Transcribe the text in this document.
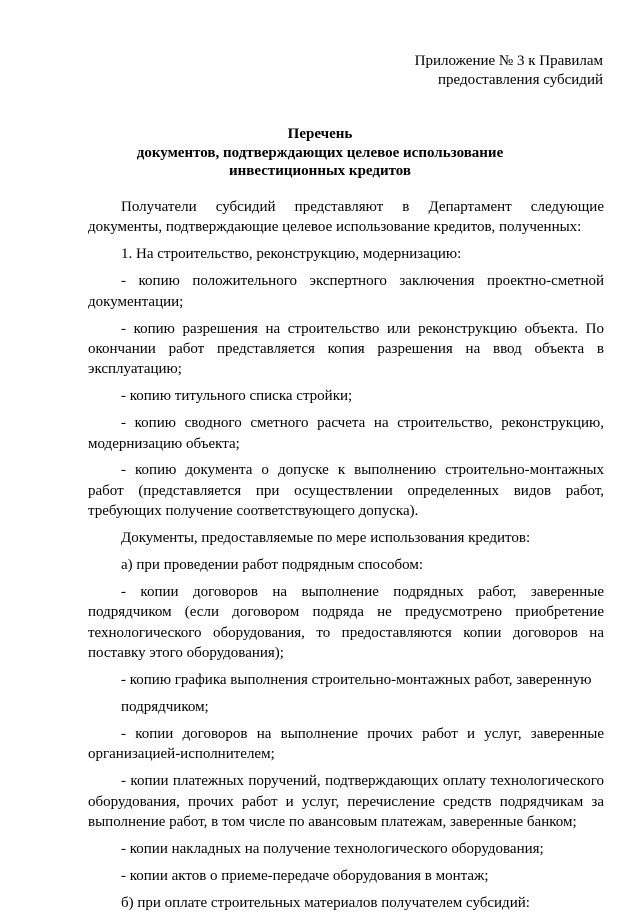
Приложение № 3 к Правилам
предоставления субсидий
Перечень
документов, подтверждающих целевое использование
инвестиционных кредитов

Получатели субсидий представляют в Департамент следующие документы, подтверждающие целевое использование кредитов, полученных:

1. На строительство, реконструкцию, модернизацию:

- копию положительного экспертного заключения проектно-сметной документации;

- копию разрешения на строительство или реконструкцию объекта. По окончании работ представляется копия разрешения на ввод объекта в эксплуатацию;

- копию титульного списка стройки;

- копию сводного сметного расчета на строительство, реконструкцию, модернизацию объекта;

- копию документа о допуске к выполнению строительно-монтажных работ (представляется при осуществлении определенных видов работ, требующих получение соответствующего допуска).

Документы, предоставляемые по мере использования кредитов:

а) при проведении работ подрядным способом:

- копии договоров на выполнение подрядных работ, заверенные подрядчиком (если договором подряда не предусмотрено приобретение технологического оборудования, то предоставляются копии договоров на поставку этого оборудования);

- копию графика выполнения строительно-монтажных работ, заверенную

подрядчиком;

- копии договоров на выполнение прочих работ и услуг, заверенные организацией-исполнителем;

- копии платежных поручений, подтверждающих оплату технологического оборудования, прочих работ и услуг, перечисление средств подрядчикам за выполнение работ, в том числе по авансовым платежам, заверенные банком;

- копии накладных на получение технологического оборудования;

- копии актов о приеме-передаче оборудования в монтаж;

б) при оплате строительных материалов получателем субсидий:
